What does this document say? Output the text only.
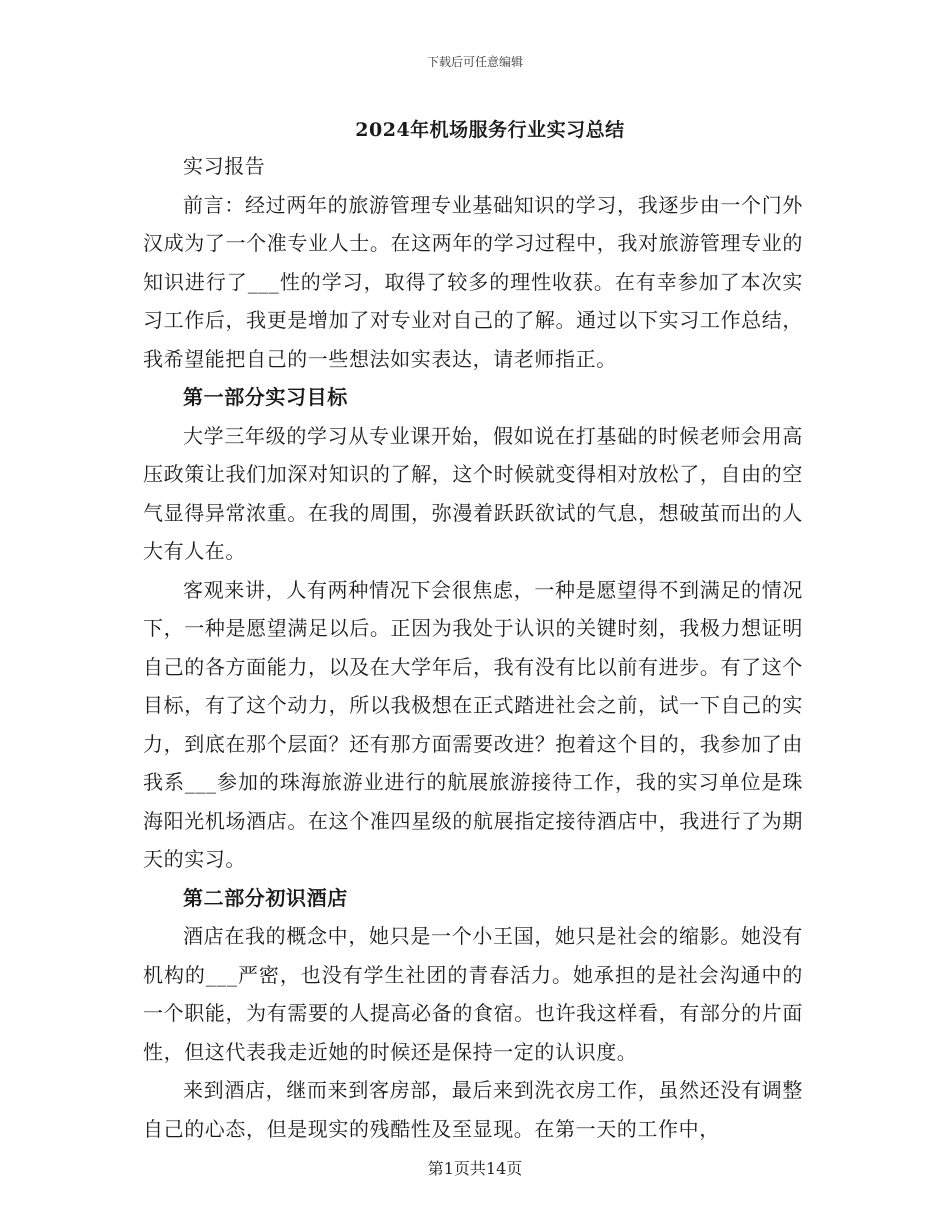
下载后可任意编辑
2024年机场服务行业实习总结

实习报告

前言：经过两年的旅游管理专业基础知识的学习，我逐步由一个门外汉成为了一个准专业人士。在这两年的学习过程中，我对旅游管理专业的知识进行了___性的学习，取得了较多的理性收获。在有幸参加了本次实习工作后，我更是增加了对专业对自己的了解。通过以下实习工作总结，我希望能把自己的一些想法如实表达，请老师指正。

第一部分实习目标

大学三年级的学习从专业课开始，假如说在打基础的时候老师会用高压政策让我们加深对知识的了解，这个时候就变得相对放松了，自由的空气显得异常浓重。在我的周围，弥漫着跃跃欲试的气息，想破茧而出的人大有人在。

客观来讲，人有两种情况下会很焦虑，一种是愿望得不到满足的情况下，一种是愿望满足以后。正因为我处于认识的关键时刻，我极力想证明自己的各方面能力，以及在大学年后，我有没有比以前有进步。有了这个目标，有了这个动力，所以我极想在正式踏进社会之前，试一下自己的实力，到底在那个层面？还有那方面需要改进？抱着这个目的，我参加了由我系___参加的珠海旅游业进行的航展旅游接待工作，我的实习单位是珠海阳光机场酒店。在这个准四星级的航展指定接待酒店中，我进行了为期天的实习。

第二部分初识酒店

酒店在我的概念中，她只是一个小王国，她只是社会的缩影。她没有机构的___严密，也没有学生社团的青春活力。她承担的是社会沟通中的一个职能，为有需要的人提高必备的食宿。也许我这样看，有部分的片面性，但这代表我走近她的时候还是保持一定的认识度。

来到酒店，继而来到客房部，最后来到洗衣房工作，虽然还没有调整自己的心态，但是现实的残酷性及至显现。在第一天的工作中，

第1页共14页
